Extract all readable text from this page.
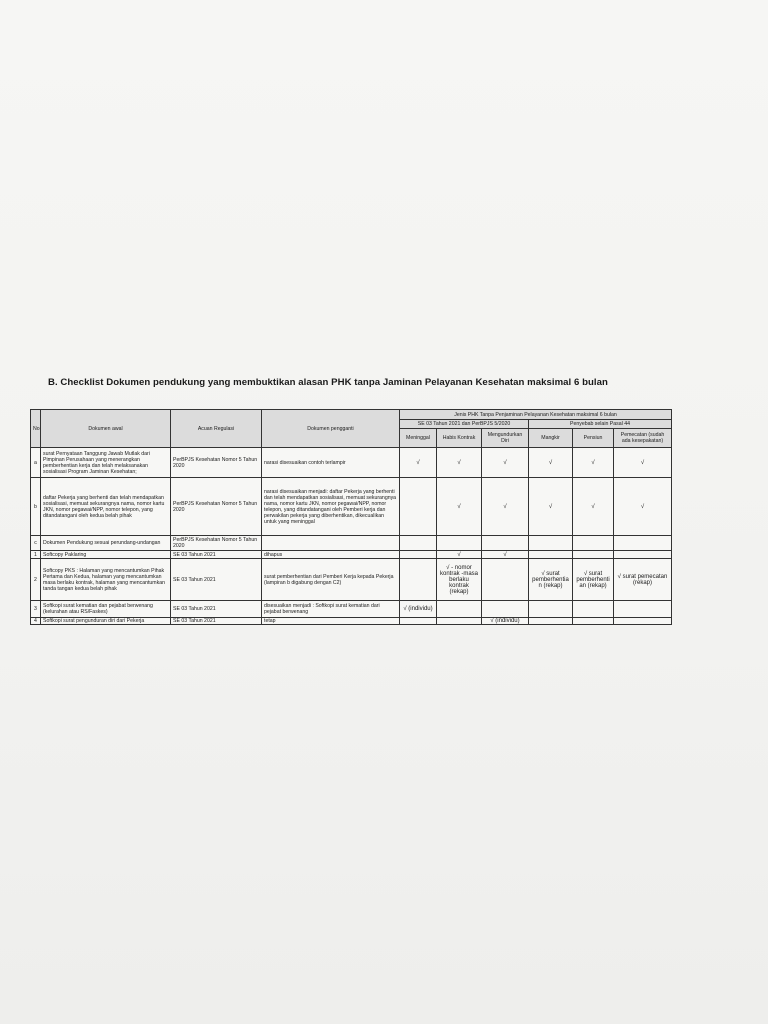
B. Checklist Dokumen pendukung yang membuktikan alasan PHK tanpa Jaminan Pelayanan Kesehatan maksimal 6 bulan
No	Dokumen awal	Acuan Regulasi	Dokumen pengganti	Jenis PHK Tanpa Penjaminan Pelayanan Kesehatan maksimal 6 bulan					
				SE 03 Tahun 2021 dan PerBPJS 5/2020			Penyebab selain Pasal 44		
				Meninggal	Habis Kontrak	Mengundurkan Diri	Mangkir	Pensiun	Pemecatan (sudah ada kesepakatan)
a	surat Pernyataan Tanggung Jawab Mutlak dari Pimpinan Perusahaan yang menerangkan pemberhentian kerja dan telah melaksanakan sosialisasi Program Jaminan Kesehatan;	PerBPJS Kesehatan Nomor 5 Tahun 2020	narasi disesuaikan contoh terlampir	√	√	√	√	√	√
b	daftar Pekerja yang berhenti dan telah mendapatkan sosialisasi, memuat sekurangnya nama, nomor kartu JKN, nomor pegawai/NPP, nomor telepon, yang ditandatangani oleh kedua belah pihak	PerBPJS Kesehatan Nomor 5 Tahun 2020	narasi disesuaikan menjadi: daftar Pekerja yang berhenti dan telah mendapatkan sosialisasi, memuat sekurangnya nama, nomor kartu JKN, nomor pegawai/NPP, nomor telepon, yang ditandatangani oleh Pemberi kerja dan perwakilan pekerja yang diberhentikan, dikecualikan untuk yang meninggal		√	√	√	√	√
c	Dokumen Pendukung sesuai perundang-undangan	PerBPJS Kesehatan Nomor 5 Tahun 2020							
1	Softcopy Paklaring	SE 03 Tahun 2021	dihapus		√	√			
2	Softcopy PKS : Halaman yang mencantumkan Pihak Pertama dan Kedua, halaman yang mencantumkan masa berlaku kontrak, halaman yang mencantumkan tanda tangan kedua belah pihak	SE 03 Tahun 2021	surat pemberhentian dari Pemberi Kerja kepada Pekerja (lampiran b digabung dengan C2)		√ - nomor kontrak -masa berlaku kontrak (rekap)		√ surat pemberhentia n (rekap)	√ surat pemberhenti an (rekap)	√ surat pemecatan (rekap)
3	Softkopi surat kematian dan pejabat berwenang (kelurahan atau RS/Faskes)	SE 03 Tahun 2021	disesuaikan menjadi : Softkopi surat kematian dari pejabat berwenang	√ (individu)					
4	Softkopi surat pengunduran diri dari Pekerja	SE 03 Tahun 2021	tetap			√ (individu)			
